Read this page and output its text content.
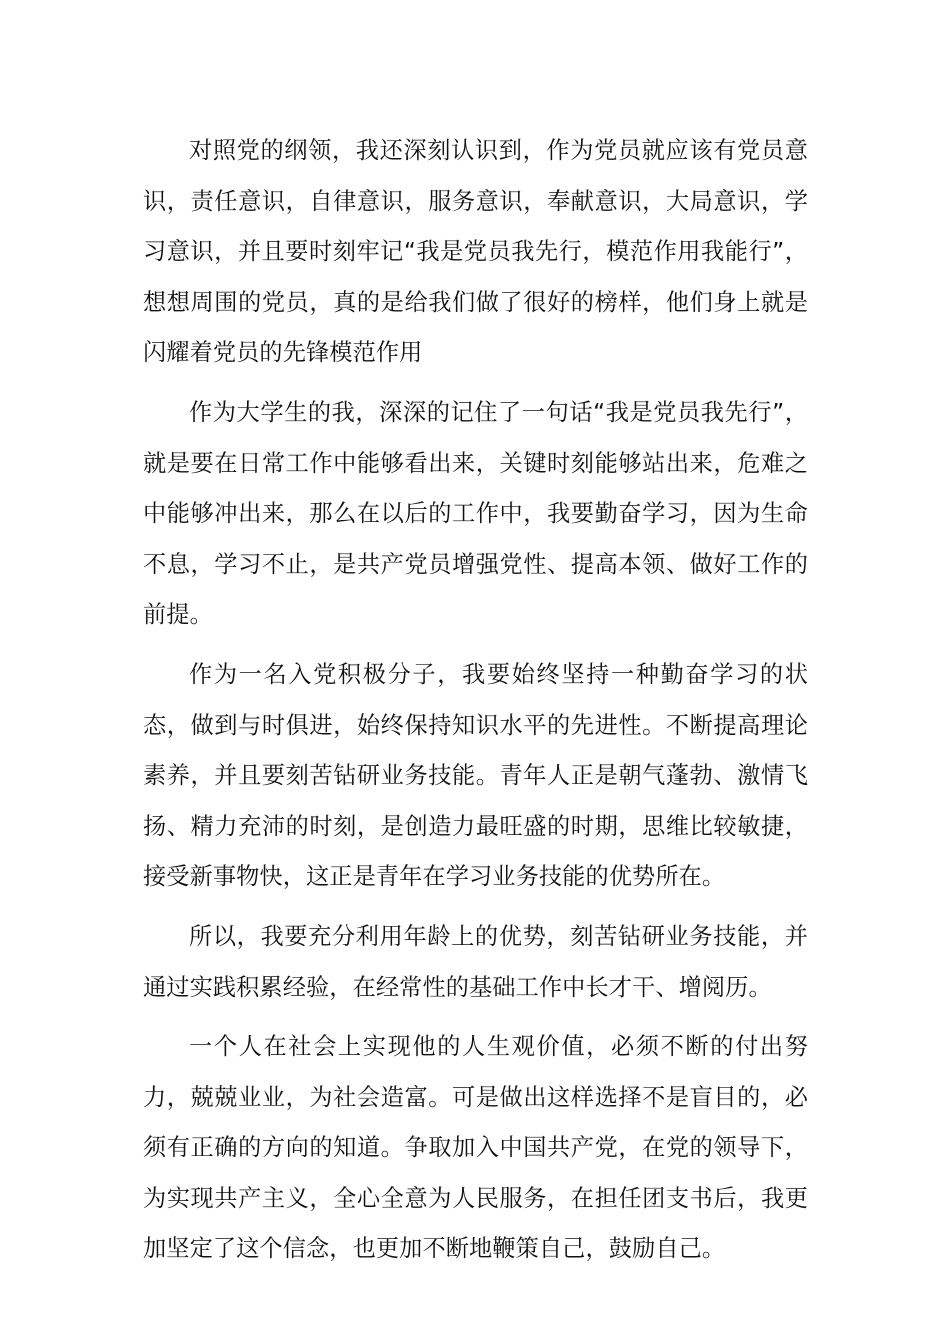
对照党的纲领，我还深刻认识到，作为党员就应该有党员意识，责任意识，自律意识，服务意识，奉献意识，大局意识，学习意识，并且要时刻牢记“我是党员我先行，模范作用我能行”，想想周围的党员，真的是给我们做了很好的榜样，他们身上就是闪耀着党员的先锋模范作用

作为大学生的我，深深的记住了一句话“我是党员我先行”，就是要在日常工作中能够看出来，关键时刻能够站出来，危难之中能够冲出来，那么在以后的工作中，我要勤奋学习，因为生命不息，学习不止，是共产党员增强党性、提高本领、做好工作的前提。

作为一名入党积极分子，我要始终坚持一种勤奋学习的状态，做到与时俱进，始终保持知识水平的先进性。不断提高理论素养，并且要刻苦钻研业务技能。青年人正是朝气蓬勃、激情飞扬、精力充沛的时刻，是创造力最旺盛的时期，思维比较敏捷，接受新事物快，这正是青年在学习业务技能的优势所在。

所以，我要充分利用年龄上的优势，刻苦钻研业务技能，并通过实践积累经验，在经常性的基础工作中长才干、增阅历。

一个人在社会上实现他的人生观价值，必须不断的付出努力，兢兢业业，为社会造富。可是做出这样选择不是盲目的，必须有正确的方向的知道。争取加入中国共产党，在党的领导下，为实现共产主义，全心全意为人民服务，在担任团支书后，我更加坚定了这个信念，也更加不断地鞭策自己，鼓励自己。
